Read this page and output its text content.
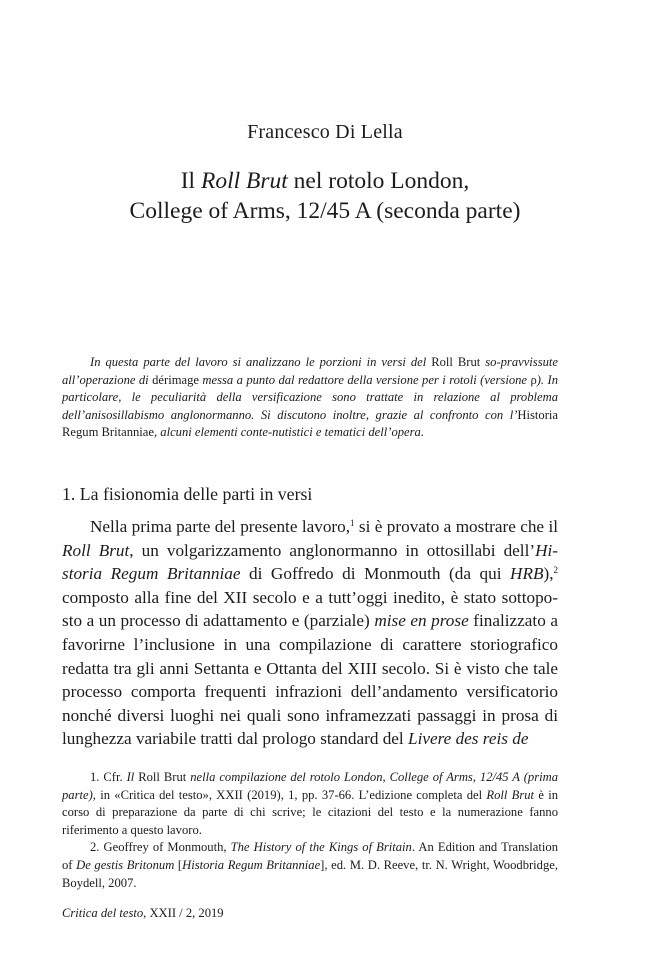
Francesco Di Lella
Il Roll Brut nel rotolo London,
College of Arms, 12/45 A (seconda parte)
In questa parte del lavoro si analizzano le porzioni in versi del Roll Brut so-pravvissute all’operazione di dérimage messa a punto dal redattore della versione per i rotoli (versione ρ). In particolare, le peculiarità della versificazione sono trattate in relazione al problema dell’anisosillabismo anglonormanno. Si discutono inoltre, grazie al confronto con l’Historia Regum Britanniae, alcuni elementi conte-nutistici e tematici dell’opera.
1. La fisionomia delle parti in versi
Nella prima parte del presente lavoro,$^1$ si è provato a mostrare che il Roll Brut, un volgarizzamento anglonormanno in ottosillabi dell’Hi-storia Regum Britanniae di Goffredo di Monmouth (da qui HRB),$^2$ composto alla fine del XII secolo e a tutt’oggi inedito, è stato sottopo-sto a un processo di adattamento e (parziale) mise en prose finalizzato a favorirne l’inclusione in una compilazione di carattere storiografico redatta tra gli anni Settanta e Ottanta del XIII secolo. Si è visto che tale processo comporta frequenti infrazioni dell’andamento versificatorio nonché diversi luoghi nei quali sono inframezzati passaggi in prosa di lunghezza variabile tratti dal prologo standard del Livere des reis de

1. Cfr. Il Roll Brut nella compilazione del rotolo London, College of Arms, 12/45 A (prima parte), in «Critica del testo», XXII (2019), 1, pp. 37-66. L’edizione completa del Roll Brut è in corso di preparazione da parte di chi scrive; le citazioni del testo e la numerazione fanno riferimento a questo lavoro.

2. Geoffrey of Monmouth, The History of the Kings of Britain. An Edition and Translation of De gestis Britonum [Historia Regum Britanniae], ed. M. D. Reeve, tr. N. Wright, Woodbridge, Boydell, 2007.

Critica del testo, XXII / 2, 2019
